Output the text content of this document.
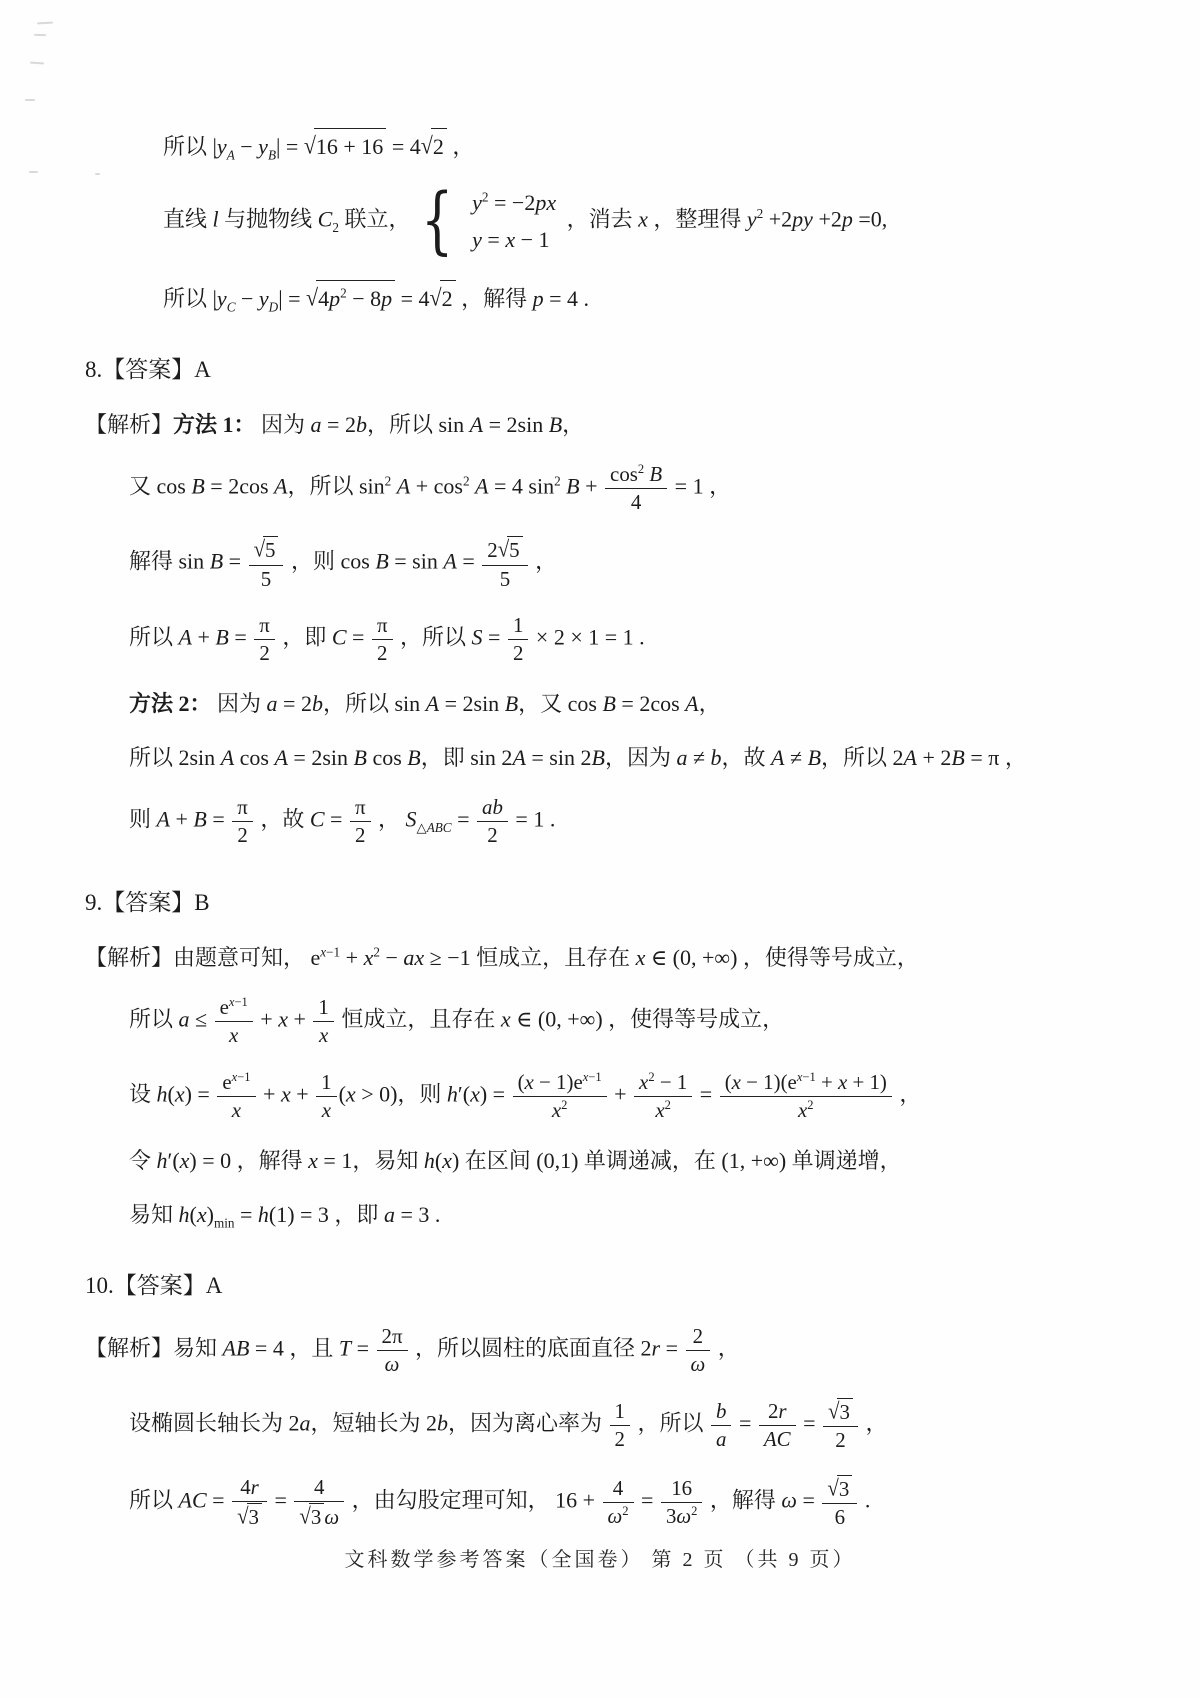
所以 $|y_A - y_B| = √16 + 16 = 4√2$ ，
直线 l 与抛物线 $C_2$ 联立， { $y^2 = -2px$
y = x − 1
，消去 x ，整理得 $y^2 +2py +2p =0$,
所以 $|y_C - y_D| = √4p^2 - 8p = 4√2$ ，解得 p = 4 .
8.【答案】A
【解析】方法 1： 因为 a = 2b，所以 sin A = 2sin B，
又 cos B = 2cos A，所以 $\sin^2 A + \cos^2 A = 4$ $\sin^2 B + \frac{\cos^2 B}{4} = 1$ ，
解得 $\sin B = \frac{√5}{5}$ ，则 $\cos B = \sin A = \frac{2√5}{5}$ ，
所以 $A + B = \frac{\pi}{2}$ ，即 $C = \frac{\pi}{2}$ ，所以 $S = \frac{1}{2} \times 2 \times 1 = 1$ .
方法 2： 因为 a = 2b，所以 sin A = 2sin B，又 cos B = 2cos A，
所以 2sin A cos A = 2sin B cos B，即 sin 2A = sin 2B，因为 a ≠ b，故 A ≠ B，所以 2A + 2B = π ，
则 $A + B = \frac{\pi}{2}$ ，故 $C = \frac{\pi}{2}$ ， $S_{\triangle ABC} = \frac{ab}{2} = 1$ .
9.【答案】B
【解析】由题意可知， $e^{x-1} + x^2$ − ax ≥ −1 恒成立，且存在 x ∈ (0, +∞) ，使得等号成立，
所以 $a \le \frac{e^{x-1}}{x} + x + \frac{1}{x}$ 恒成立，且存在 x ∈ (0, +∞) ，使得等号成立，
设 $h(x) = \frac{e^{x-1}}{x} + x + \frac{1}{x} (x > 0)$，则 $h'(x) = \frac{(x - 1)e^{x-1}}{x^2} + \frac{x^2 - 1}{x^2} = \frac{(x - 1)(e^{x-1} + x + 1)}{x^2}$ ，
令 h′(x) = 0 ，解得 x = 1，易知 h(x) 在区间 (0,1) 单调递减，在 (1, +∞) 单调递增，
易知 $h(x)_{min} = h(1) = 3$ ，即 a = 3 .
10.【答案】A
【解析】易知 AB = 4 ，且 $T = \frac{2\pi}{\omega}$ ，所以圆柱的底面直径 $2r = \frac{2}{\omega}$ ，
设椭圆长轴长为 2a，短轴长为 2b，因为离心率为 $\frac{1}{2}$ ，所以 $\frac{b}{a} = \frac{2r}{AC} = \frac{√3}{2}$ ，
所以 AC = $\frac{4r}{√3} = \frac{4}{√3 \omega}$ ，由勾股定理可知， $16 + \frac{4}{\omega^2} = \frac{16}{3\omega^2}$ ，解得 $\omega = \frac{√3}{6}$ .
文科数学参考答案（全国卷） 第 2 页 （共 9 页）
